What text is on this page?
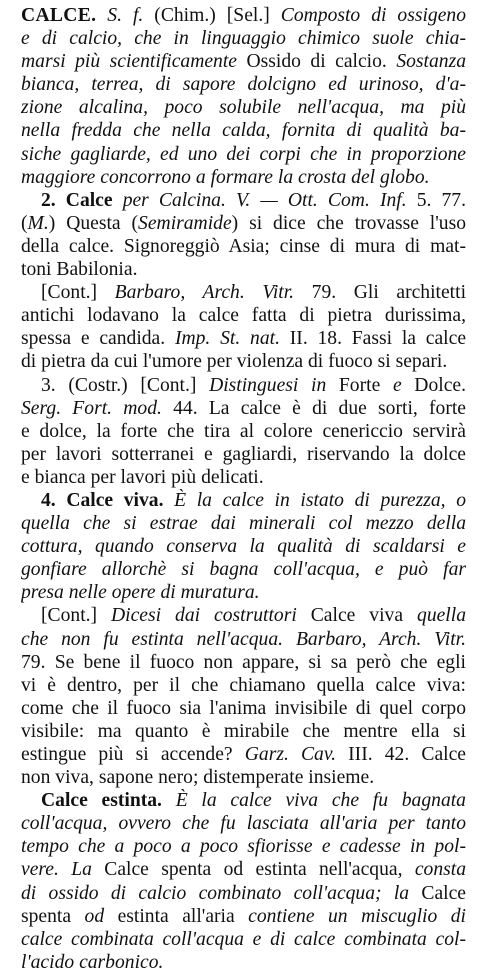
CALCE. S. f. (Chim.) [Sel.] Composto di ossigeno
e di calcio, che in linguaggio chimico suole chia-
marsi più scientificamente Ossido di calcio. Sostanza
bianca, terrea, di sapore dolcigno ed urinoso, d'a-
zione alcalina, poco solubile nell'acqua, ma più
nella fredda che nella calda, fornita di qualità ba-
siche gagliarde, ed uno dei corpi che in proporzione
maggiore concorrono a formare la crosta del globo.
2. Calce per Calcina. V. — Ott. Com. Inf. 5. 77.
(M.) Questa (Semiramide) si dice che trovasse l'uso
della calce. Signoreggiò Asia; cinse di mura di mat-
toni Babilonia.
[Cont.] Barbaro, Arch. Vitr. 79. Gli architetti
antichi lodavano la calce fatta di pietra durissima,
spessa e candida. Imp. St. nat. II. 18. Fassi la calce
di pietra da cui l'umore per violenza di fuoco si separi.
3. (Costr.) [Cont.] Distinguesi in Forte e Dolce.
Serg. Fort. mod. 44. La calce è di due sorti, forte
e dolce, la forte che tira al colore cenericcio servirà
per lavori sotterranei e gagliardi, riservando la dolce
e bianca per lavori più delicati.
4. Calce viva. È la calce in istato di purezza, o
quella che si estrae dai minerali col mezzo della
cottura, quando conserva la qualità di scaldarsi e
gonfiare allorchè si bagna coll'acqua, e può far
presa nelle opere di muratura.
[Cont.] Dicesi dai costruttori Calce viva quella
che non fu estinta nell'acqua. Barbaro, Arch. Vitr.
79. Se bene il fuoco non appare, si sa però che egli
vi è dentro, per il che chiamano quella calce viva:
come che il fuoco sia l'anima invisibile di quel corpo
visibile: ma quanto è mirabile che mentre ella si
estingue più si accende? Garz. Cav. III. 42. Calce
non viva, sapone nero; distemperate insieme.
Calce estinta. È la calce viva che fu bagnata
coll'acqua, ovvero che fu lasciata all'aria per tanto
tempo che a poco a poco sfiorisse e cadesse in pol-
vere. La Calce spenta od estinta nell'acqua, consta
di ossido di calcio combinato coll'acqua; la Calce
spenta od estinta all'aria contiene un miscuglio di
calce combinata coll'acqua e di calce combinata col-
l'acido carbonico.
